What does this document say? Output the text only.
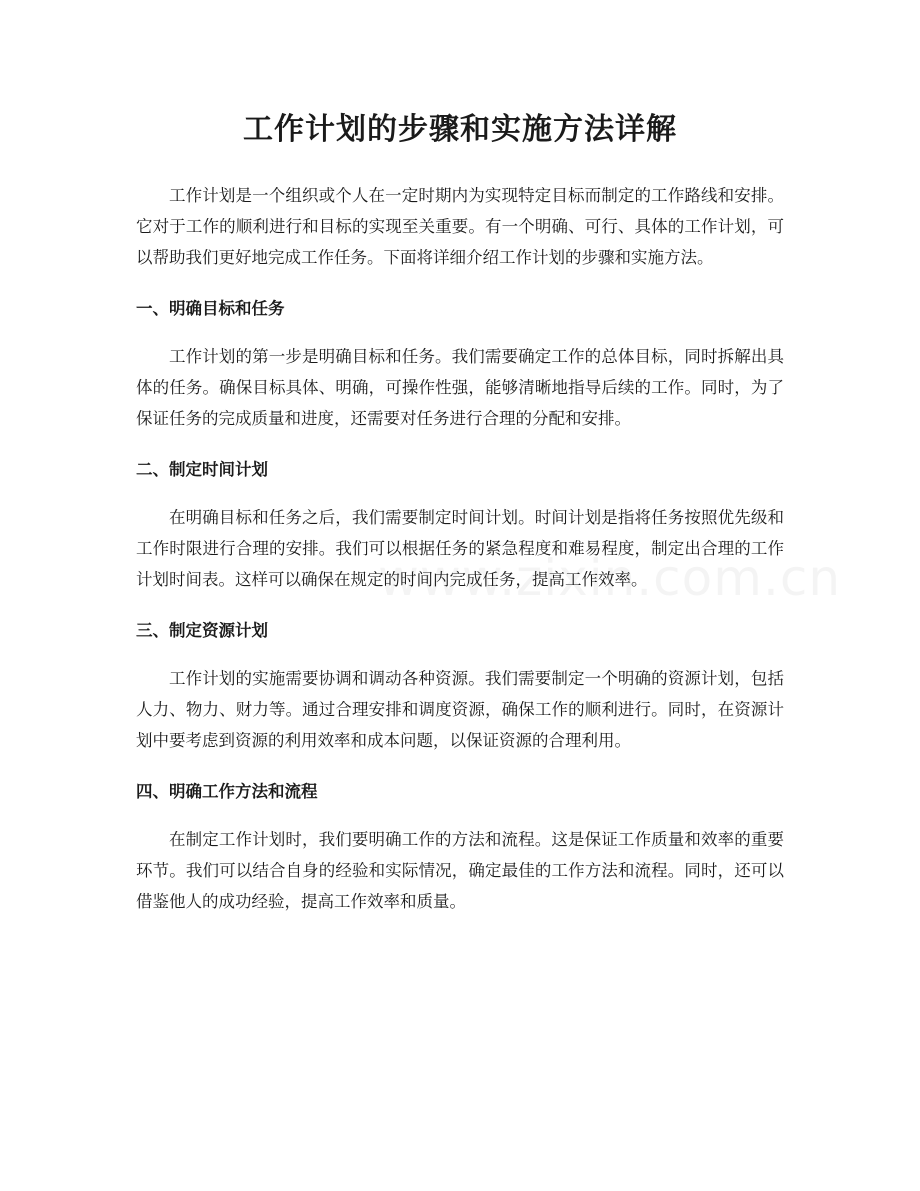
工作计划的步骤和实施方法详解

工作计划是一个组织或个人在一定时期内为实现特定目标而制定的工作路线和安排。它对于工作的顺利进行和目标的实现至关重要。有一个明确、可行、具体的工作计划，可以帮助我们更好地完成工作任务。下面将详细介绍工作计划的步骤和实施方法。

一、明确目标和任务

工作计划的第一步是明确目标和任务。我们需要确定工作的总体目标，同时拆解出具体的任务。确保目标具体、明确，可操作性强，能够清晰地指导后续的工作。同时，为了保证任务的完成质量和进度，还需要对任务进行合理的分配和安排。

二、制定时间计划

在明确目标和任务之后，我们需要制定时间计划。时间计划是指将任务按照优先级和工作时限进行合理的安排。我们可以根据任务的紧急程度和难易程度，制定出合理的工作计划时间表。这样可以确保在规定的时间内完成任务，提高工作效率。

三、制定资源计划

工作计划的实施需要协调和调动各种资源。我们需要制定一个明确的资源计划，包括人力、物力、财力等。通过合理安排和调度资源，确保工作的顺利进行。同时，在资源计划中要考虑到资源的利用效率和成本问题，以保证资源的合理利用。

四、明确工作方法和流程

在制定工作计划时，我们要明确工作的方法和流程。这是保证工作质量和效率的重要环节。我们可以结合自身的经验和实际情况，确定最佳的工作方法和流程。同时，还可以借鉴他人的成功经验，提高工作效率和质量。
